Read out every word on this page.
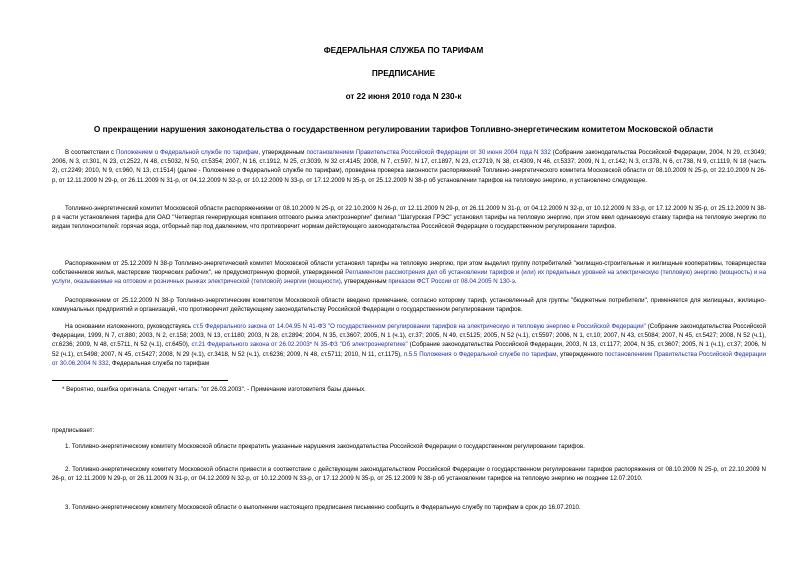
ФЕДЕРАЛЬНАЯ СЛУЖБА ПО ТАРИФАМ
ПРЕДПИСАНИЕ
от 22 июня 2010 года N 230-к
О прекращении нарушения законодательства о государственном регулировании тарифов Топливно-энергетическим комитетом Московской области

В соответствии с Положением о Федеральной службе по тарифам, утвержденным постановлением Правительства Российской Федерации от 30 июня 2004 года N 332 (Собрание законодательства Российской Федерации, 2004, N 29, ст.3049; 2006, N 3, ст.301, N 23, ст.2522, N 48, ст.5032, N 50, ст.5354; 2007, N 16, ст.1912, N 25, ст.3039, N 32 ст.4145; 2008, N 7, ст.597, N 17, ст.1897, N 23, ст.2719, N 38, ст.4309, N 46, ст.5337; 2009, N 1, ст.142; N 3, ст.378, N 6, ст.738, N 9, ст.1119, N 18 (часть 2), ст.2249; 2010, N 9, ст.960, N 13, ст.1514) (далее - Положение о Федеральной службе по тарифам), проведена проверка законности распоряжений Топливно-энергетического комитета Московской области от 08.10.2009 N 25-р, от 22.10.2009 N 26-р, от 12.11.2009 N 29-р, от 26.11.2009 N 31-р, от 04.12.2009 N 32-р, от 10.12.2009 N 33-р, от 17.12.2009 N 35-р, от 25.12.2009 N 38-р об установлении тарифов на тепловую энергию, и установлено следующее.

Топливно-энергетический комитет Московской области распоряжениями от 08.10.2009 N 25-р, от 22.10.2009 N 26-р, от 12.11.2009 N 29-р, от 26.11.2009 N 31-р, от 04.12.2009 N 32-р, от 10.12.2009 N 33-р, от 17.12.2009 N 35-р, от 25.12.2009 N 38-р в части установления тарифа для ОАО "Четвертая генерирующая компания оптового рынка электроэнергии" филиал "Шатурская ГРЭС" установил тарифы на тепловую энергию, при этом ввел одинаковую ставку тарифа на тепловую энергию по видам теплоносителей: горячая вода, отборный пар под давлением, что противоречит нормам действующего законодательства Российской Федерации о государственном регулировании тарифов.

Распоряжением от 25.12.2009 N 38-р Топливно-энергетический комитет Московской области установил тарифы на тепловую энергию, при этом выделил группу потребителей "жилищно-строительные и жилищные кооперативы, товарищества собственников жилья, мастерские творческих рабочих", не предусмотренную формой, утвержденной Регламентом рассмотрения дел об установлении тарифов и (или) их предельных уровней на электрическую (тепловую) энергию (мощность) и на услуги, оказываемые на оптовом и розничных рынках электрической (тепловой) энергии (мощности), утвержденным приказом ФСТ России от 08.04.2005 N 130-э.

Распоряжением от 25.12.2009 N 38-р Топливно-энергетическим комитетом Московской области введено примечание, согласно которому тариф, установленный для группы "бюджетные потребители", применяется для жилищных, жилищно-коммунальных предприятий и организаций, что противоречит действующему законодательству Российской Федерации о государственном регулировании тарифов.

На основании изложенного, руководствуясь ст.5 Федерального закона от 14.04.95 N 41-ФЗ "О государственном регулировании тарифов на электрическую и тепловую энергию в Российской Федерации" (Собрание законодательства Российской Федерации, 1999, N 7, ст.880; 2003, N 2, ст.158; 2003, N 13, ст.1180; 2003, N 28, ст.2894; 2004, N 35, ст.3607; 2005, N 1 (ч.1), ст.37; 2005, N 49, ст.5125; 2005, N 52 (ч.1), ст.5597; 2006, N 1, ст.10; 2007, N 43, ст.5084; 2007, N 45, ст.5427; 2008, N 52 (ч.1), ст.6236; 2009, N 48, ст.5711, N 52 (ч.1), ст.6450), ст.21 Федерального закона от 26.02.2003* N 35-ФЗ "Об электроэнергетике" (Собрание законодательства Российской Федерации, 2003, N 13, ст.1177; 2004, N 35, ст.3607; 2005, N 1 (ч.1), ст.37; 2006, N 52 (ч.1), ст.5498; 2007, N 45, ст.5427; 2008, N 29 (ч.1), ст.3418, N 52 (ч.1), ст.6236; 2009, N 48, ст.5711; 2010, N 11, ст.1175), п.5.5 Положения о Федеральной службе по тарифам, утвержденного постановлением Правительства Российской Федерации от 30.06.2004 N 332, Федеральная служба по тарифам

* Вероятно, ошибка оригинала. Следует читать: "от 26.03.2003". - Примечание изготовителя базы данных.

предписывает:

1. Топливно-энергетическому комитету Московской области прекратить указанные нарушения законодательства Российской Федерации о государственном регулировании тарифов.

2. Топливно-энергетическому комитету Московской области привести в соответствие с действующим законодательством Российской Федерации о государственном регулировании тарифов распоряжения от 08.10.2009 N 25-р, от 22.10.2009 N 26-р, от 12.11.2009 N 29-р, от 26.11.2009 N 31-р, от 04.12.2009 N 32-р, от 10.12.2009 N 33-р, от 17.12.2009 N 35-р, от 25.12.2009 N 38-р об установлении тарифов на тепловую энергию не позднее 12.07.2010.

3. Топливно-энергетическому комитету Московской области о выполнении настоящего предписания письменно сообщить в Федеральную службу по тарифам в срок до 16.07.2010.
